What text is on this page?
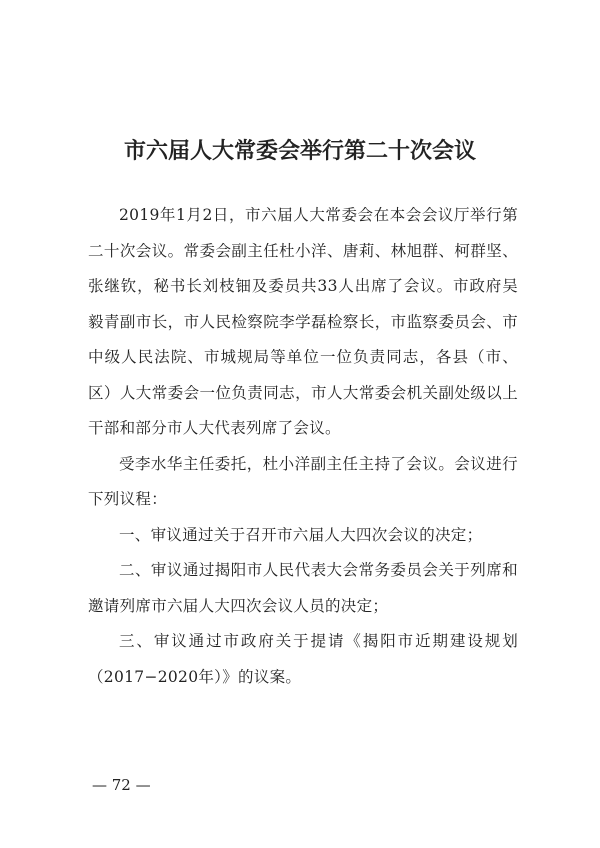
市六届人大常委会举行第二十次会议

2019年1月2日，市六届人大常委会在本会会议厅举行第二十次会议。常委会副主任杜小洋、唐莉、林旭群、柯群坚、张继钦，秘书长刘枝钿及委员共33人出席了会议。市政府吴毅青副市长，市人民检察院李学磊检察长，市监察委员会、市中级人民法院、市城规局等单位一位负责同志，各县（市、区）人大常委会一位负责同志，市人大常委会机关副处级以上干部和部分市人大代表列席了会议。

受李水华主任委托，杜小洋副主任主持了会议。会议进行下列议程：

一、审议通过关于召开市六届人大四次会议的决定；

二、审议通过揭阳市人民代表大会常务委员会关于列席和邀请列席市六届人大四次会议人员的决定；

三、审议通过市政府关于提请《揭阳市近期建设规划（2017−2020年）》的议案。

— 72 —
